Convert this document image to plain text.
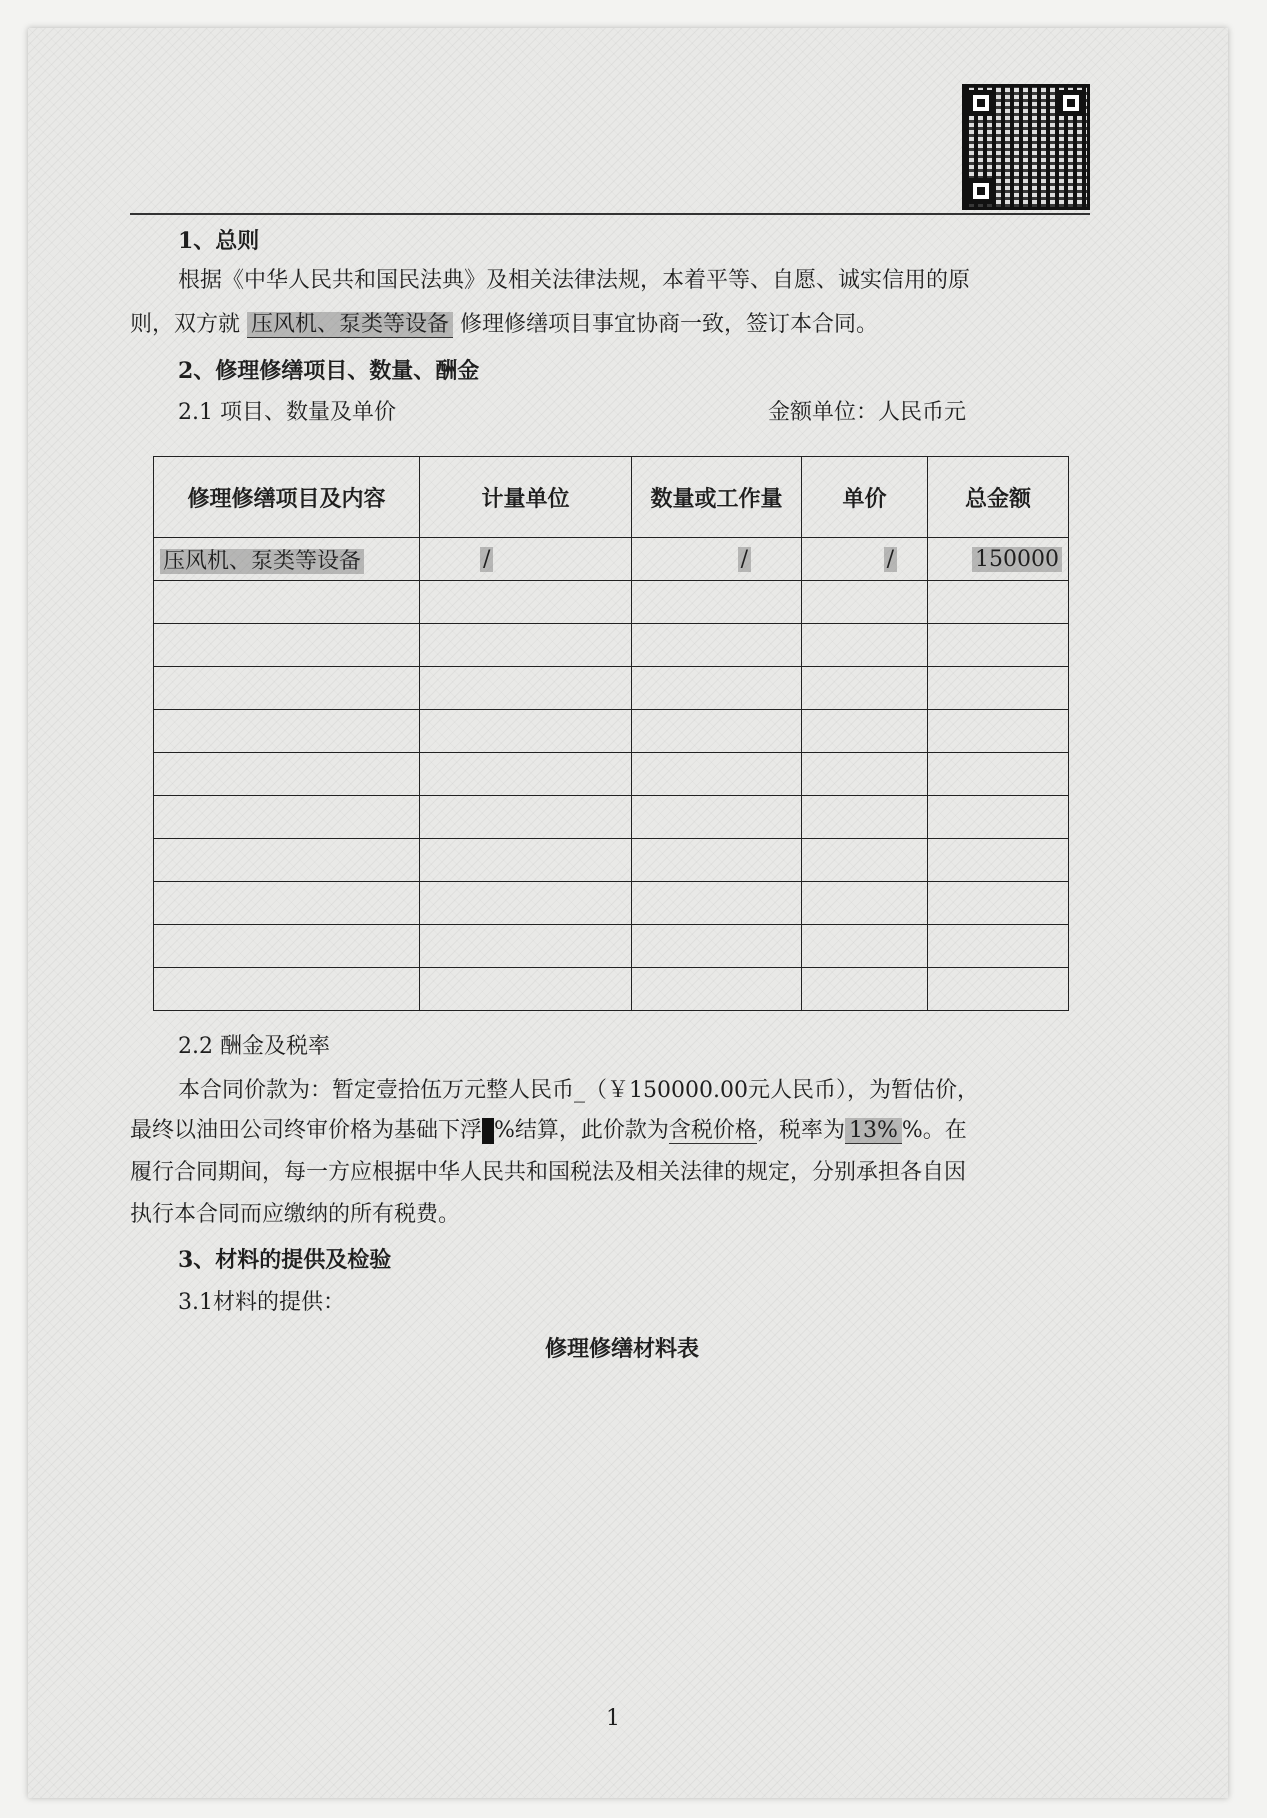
1、总则
根据《中华人民共和国民法典》及相关法律法规，本着平等、自愿、诚实信用的原
则，双方就 压风机、泵类等设备 修理修缮项目事宜协商一致，签订本合同。
2、修理修缮项目、数量、酬金
2.1 项目、数量及单价	金额单位：人民币元
修理修缮项目及内容	计量单位	数量或工作量	单价	总金额
压风机、泵类等设备	/	/	/	150000

2.2 酬金及税率
本合同价款为：暂定壹拾伍万元整人民币_（￥150000.00元人民币），为暂估价，
最终以油田公司终审价格为基础下浮 %结算，此价款为含税价格，税率为 13% %。在
履行合同期间，每一方应根据中华人民共和国税法及相关法律的规定，分别承担各自因
执行本合同而应缴纳的所有税费。
3、材料的提供及检验
3.1材料的提供：
修理修缮材料表
1
